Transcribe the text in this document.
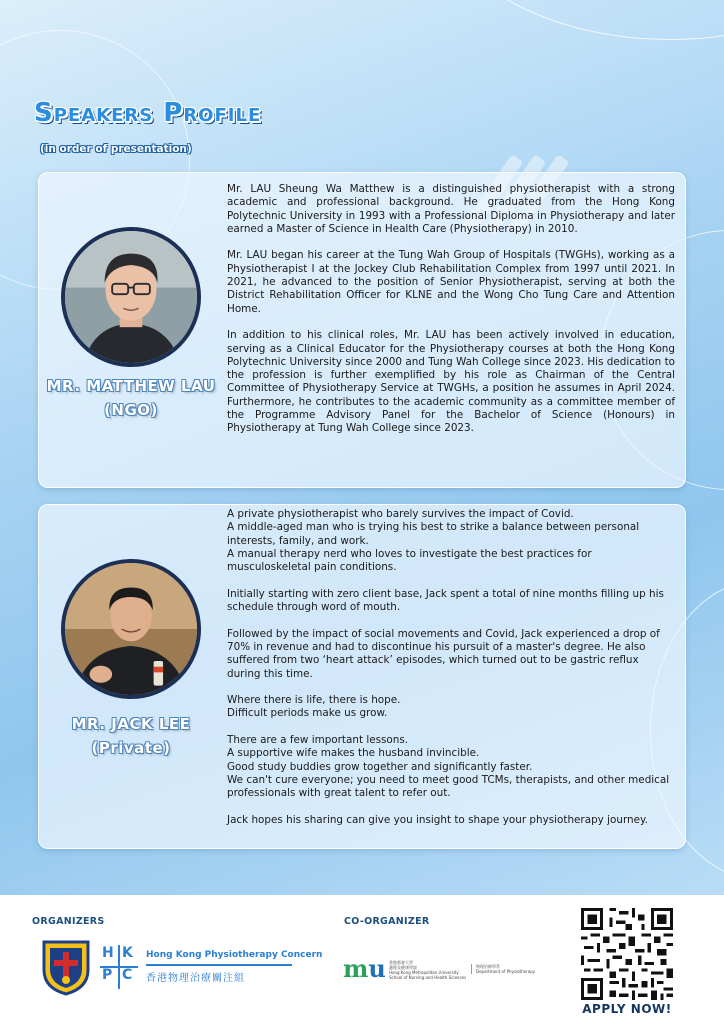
Speakers Profile
(in order of presentation)
MR. MATTHEW LAU
(NGO)

Mr. LAU Sheung Wa Matthew is a distinguished physiotherapist with a strong academic and professional background. He graduated from the Hong Kong Polytechnic University in 1993 with a Professional Diploma in Physiotherapy and later earned a Master of Science in Health Care (Physiotherapy) in 2010.

Mr. LAU began his career at the Tung Wah Group of Hospitals (TWGHs), working as a Physiotherapist I at the Jockey Club Rehabilitation Complex from 1997 until 2021. In 2021, he advanced to the position of Senior Physiotherapist, serving at both the District Rehabilitation Officer for KLNE and the Wong Cho Tung Care and Attention Home.

In addition to his clinical roles, Mr. LAU has been actively involved in education, serving as a Clinical Educator for the Physiotherapy courses at both the Hong Kong Polytechnic University since 2000 and Tung Wah College since 2023. His dedication to the profession is further exemplified by his role as Chairman of the Central Committee of Physiotherapy Service at TWGHs, a position he assumes in April 2024. Furthermore, he contributes to the academic community as a committee member of the Programme Advisory Panel for the Bachelor of Science (Honours) in Physiotherapy at Tung Wah College since 2023.

MR. JACK LEE
(Private)

A private physiotherapist who barely survives the impact of Covid.
A middle-aged man who is trying his best to strike a balance between personal interests, family, and work.
A manual therapy nerd who loves to investigate the best practices for musculoskeletal pain conditions.

Initially starting with zero client base, Jack spent a total of nine months filling up his schedule through word of mouth.

Followed by the impact of social movements and Covid, Jack experienced a drop of 70% in revenue and had to discontinue his pursuit of a master's degree. He also suffered from two ‘heart attack’ episodes, which turned out to be gastric reflux during this time.

Where there is life, there is hope.
Difficult periods make us grow.

There are a few important lessons.
A supportive wife makes the husband invincible.
Good study buddies grow together and significantly faster.
We can't cure everyone; you need to meet good TCMs, therapists, and other medical professionals with great talent to refer out.

Jack hopes his sharing can give you insight to shape your physiotherapy journey.

ORGANIZERS	CO-ORGANIZER
H K
P C
Hong Kong Physiotherapy Concern
香港物理治療關注組	mu 香港都會大學
護理及健康學院
Hong Kong Metropolitan University
School of Nursing and Health Sciences
物理治療學系
Department of Physiotherapy
APPLY NOW!
